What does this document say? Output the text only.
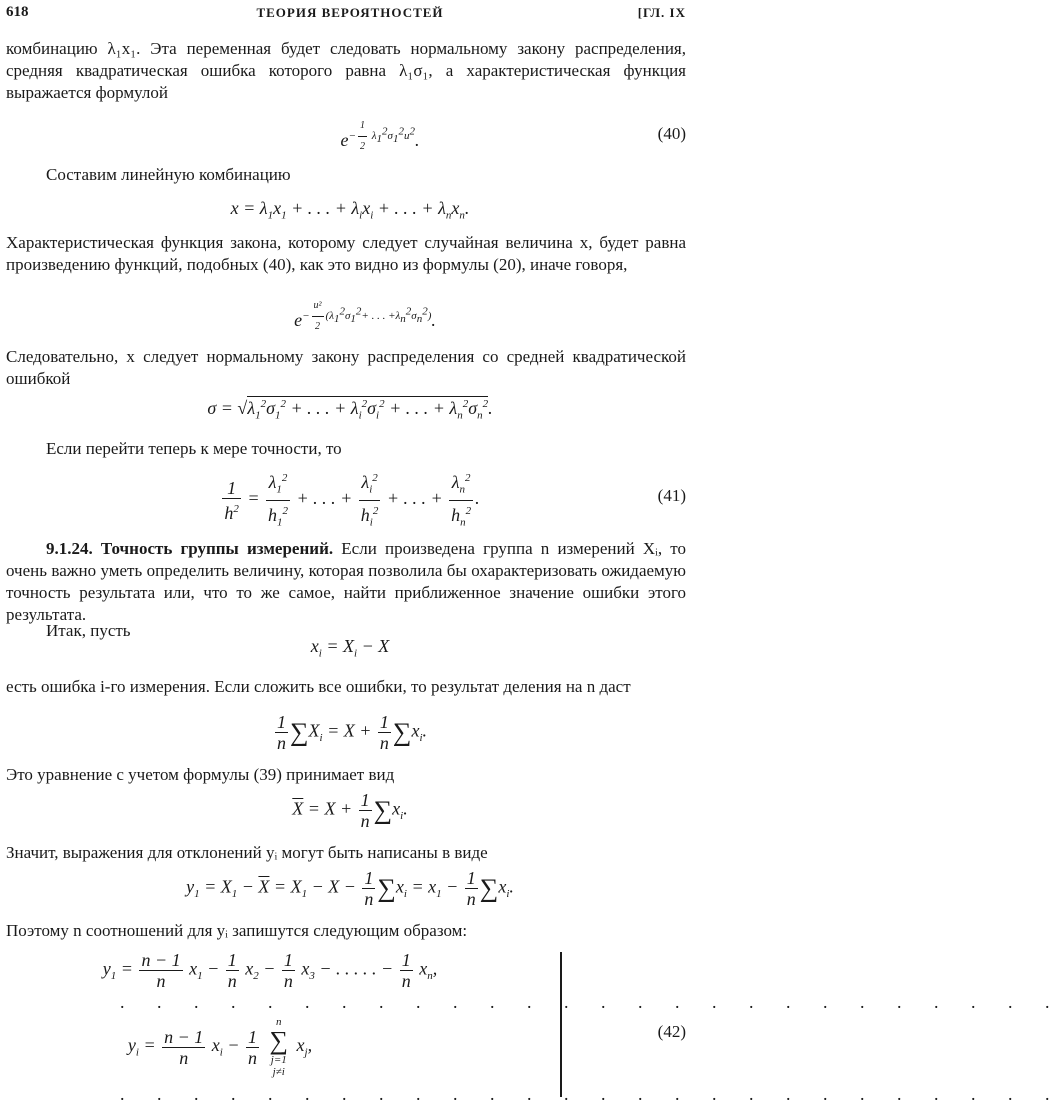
618	ТЕОРИЯ ВЕРОЯТНОСТЕЙ	[ГЛ. IX
комбинацию λ₁x₁. Эта переменная будет следовать нормальному закону распределения, средняя квадратическая ошибка которого равна λ₁σ₁, а характеристическая функция выражается формулой
$e^{- \frac{1}{2} \lambda_1^2\sigma_1^2u^2}$.	(40)
Составим линейную комбинацию
$x = \lambda_1x_1$ + . . . + $\lambda_ix_i$ + . . . + $\lambda_nx_n$.
Характеристическая функция закона, которому следует случайная величина x, будет равна произведению функций, подобных (40), как это видно из формулы (20), иначе говоря,
$e^{- \frac{\text{u²}}{2} (\lambda_1^2\sigma_1^2+ . . . +\lambda_n^2\sigma_n^2)}$.
Следовательно, x следует нормальному закону распределения со средней квадратической ошибкой
$\sigma = √\lambda_1^2\sigma_1^2$ + . . . + $\lambda_i^2\sigma_i^2$ + . . . + $\lambda_n^2\sigma_n^2$.
Если перейти теперь к мере точности, то
$\frac{1}{h^2} = \frac{\lambda_1^2}{h_1^2}$ + . . . + $\frac{\lambda_i^2}{h_i^2}$ + . . . + $\frac{\lambda_n^2}{h_n^2}$ .	(41)
9.1.24. Точность группы измерений. Если произведена группа n измерений Xᵢ, то очень важно уметь определить величину, которая позволила бы охарактеризовать ожидаемую точность результата или, что то же самое, найти приближенное значение ошибки этого результата.
Итак, пусть
$x_i = X_i - X$
есть ошибка i-го измерения. Если сложить все ошибки, то результат деления на n даст
$\frac{1}{n} \sum X_i = X + \frac{1}{n} \sum x_i$.
Это уравнение с учетом формулы (39) принимает вид
$\overline{X} = X + \frac{1}{n} \sum x_i$.
Значит, выражения для отклонений yᵢ могут быть написаны в виде
$y_1 = X_1 - \overline{X} = X_1 - X - \frac{1}{n} \sum x_i = x_1 - \frac{1}{n} \sum x_i$.
Поэтому n соотношений для yᵢ запишутся следующим образом:
$y_1 = \frac{n - 1}{n} x_1 - \frac{1}{n} x_2 - \frac{1}{n} x_3$ − . . . . . − $\frac{1}{n} x_n$,
. . . . . . . . . . . . . . . . . . . . . . . . . .
$y_i = \frac{n - 1}{n} x_i - \frac{1}{n}$

n
∑
j=1
j≠i
$x_j$,
(42)
. . . . . . . . . . . . . . . . . . . . . . . . . .
